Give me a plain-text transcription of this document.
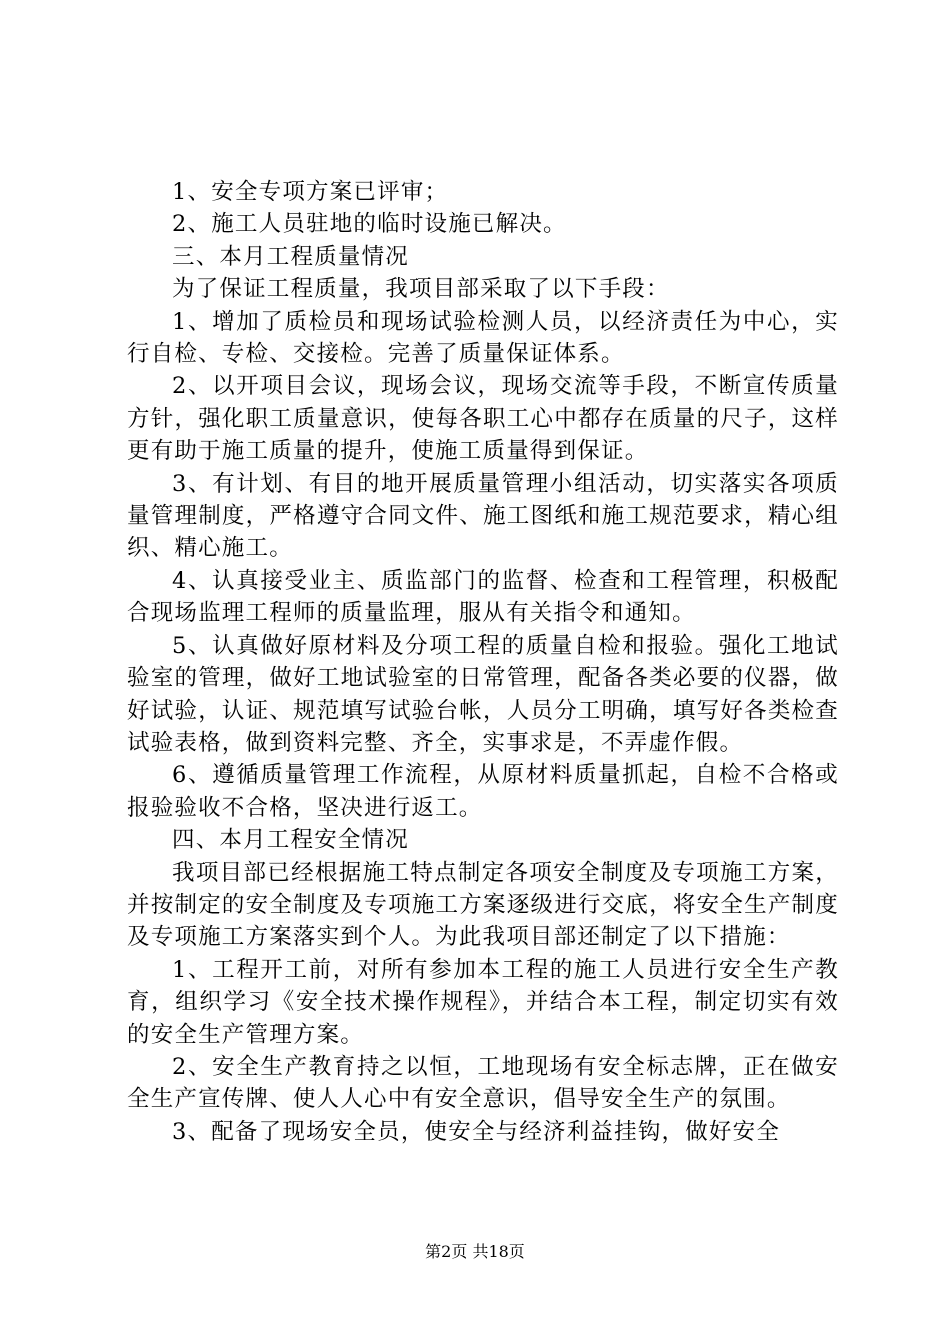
1、安全专项方案已评审；

2、施工人员驻地的临时设施已解决。

三、本月工程质量情况

为了保证工程质量，我项目部采取了以下手段：

1、增加了质检员和现场试验检测人员，以经济责任为中心，实行自检、专检、交接检。完善了质量保证体系。

2、以开项目会议，现场会议，现场交流等手段，不断宣传质量方针，强化职工质量意识，使每各职工心中都存在质量的尺子，这样更有助于施工质量的提升，使施工质量得到保证。

3、有计划、有目的地开展质量管理小组活动，切实落实各项质量管理制度，严格遵守合同文件、施工图纸和施工规范要求，精心组织、精心施工。

4、认真接受业主、质监部门的监督、检查和工程管理，积极配合现场监理工程师的质量监理，服从有关指令和通知。

5、认真做好原材料及分项工程的质量自检和报验。强化工地试验室的管理，做好工地试验室的日常管理，配备各类必要的仪器，做好试验，认证、规范填写试验台帐，人员分工明确，填写好各类检查试验表格，做到资料完整、齐全，实事求是，不弄虚作假。

6、遵循质量管理工作流程，从原材料质量抓起，自检不合格或报验验收不合格，坚决进行返工。

四、本月工程安全情况

我项目部已经根据施工特点制定各项安全制度及专项施工方案，并按制定的安全制度及专项施工方案逐级进行交底，将安全生产制度及专项施工方案落实到个人。为此我项目部还制定了以下措施：

1、工程开工前，对所有参加本工程的施工人员进行安全生产教育，组织学习《安全技术操作规程》，并结合本工程，制定切实有效的安全生产管理方案。

2、安全生产教育持之以恒，工地现场有安全标志牌，正在做安全生产宣传牌、使人人心中有安全意识，倡导安全生产的氛围。

3、配备了现场安全员，使安全与经济利益挂钩，做好安全

第2页 共18页
